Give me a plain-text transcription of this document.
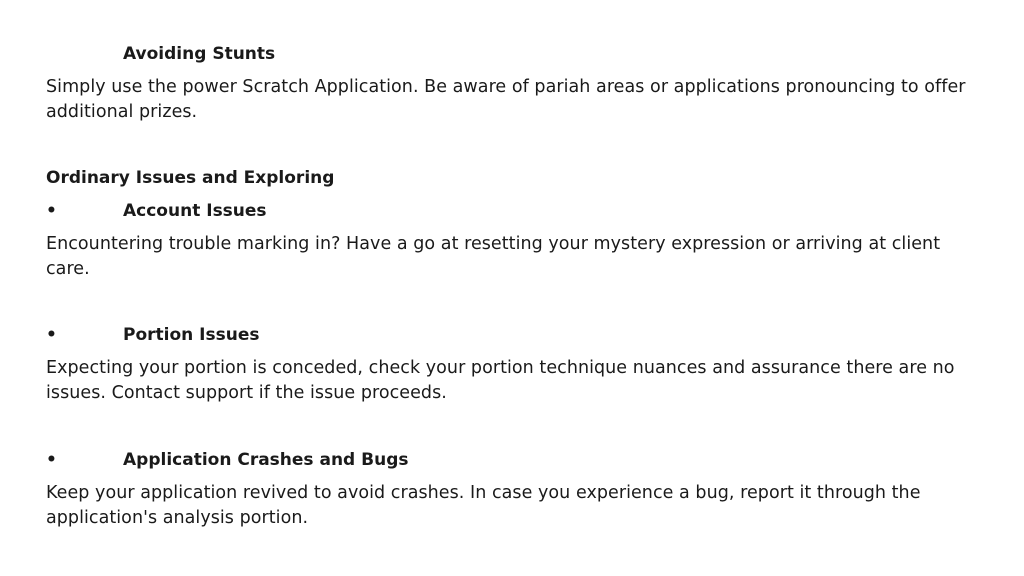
Avoiding Stunts
Simply use the power Scratch Application. Be aware of pariah areas or applications pronouncing to offer additional prizes.
Ordinary Issues and Exploring
•	Account Issues
Encountering trouble marking in? Have a go at resetting your mystery expression or arriving at client care.
•	Portion Issues
Expecting your portion is conceded, check your portion technique nuances and assurance there are no issues. Contact support if the issue proceeds.
•	Application Crashes and Bugs
Keep your application revived to avoid crashes. In case you experience a bug, report it through the application's analysis portion.
